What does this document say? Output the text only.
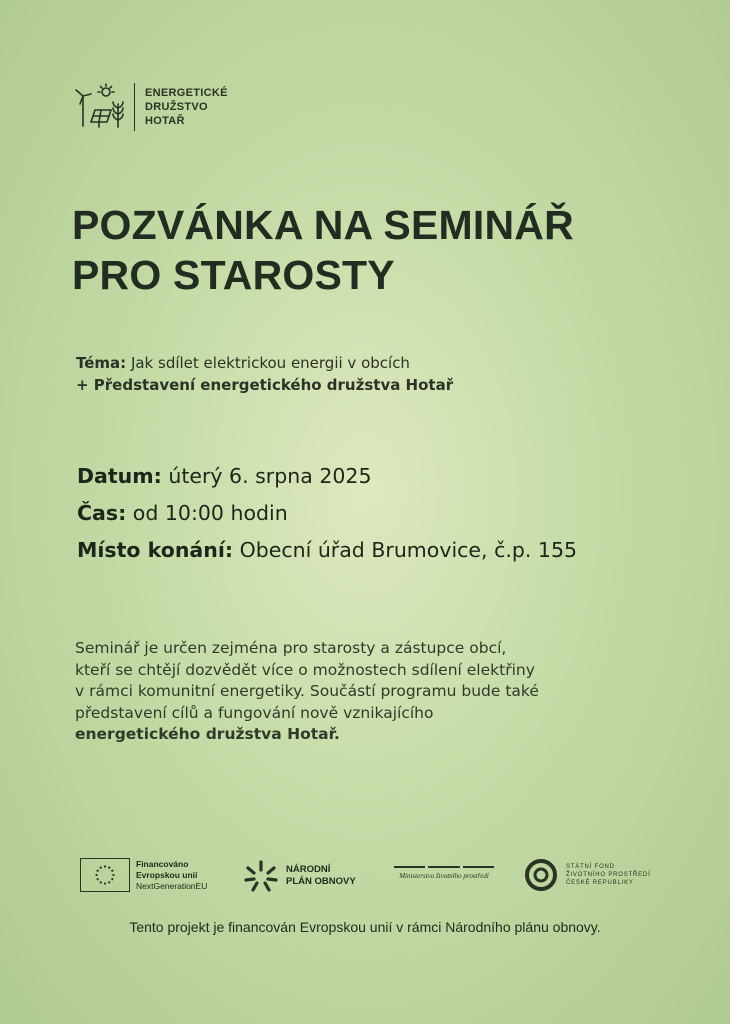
ENERGETICKÉ
DRUŽSTVO
HOTAŘ
POZVÁNKA NA SEMINÁŘ
PRO STAROSTY
Téma: Jak sdílet elektrickou energii v obcích
+ Představení energetického družstva Hotař
Datum: úterý 6. srpna 2025
Čas: od 10:00 hodin
Místo konání: Obecní úřad Brumovice, č.p. 155
Seminář je určen zejména pro starosty a zástupce obcí,
kteří se chtějí dozvědět více o možnostech sdílení elektřiny
v rámci komunitní energetiky. Součástí programu bude také
představení cílů a fungování nově vznikajícího
energetického družstva Hotař.
Financováno
Evropskou unií
NextGenerationEU
NÁRODNÍ
PLÁN OBNOVY	Ministerstvo životního prostředí
STÁTNÍ FOND
ŽIVOTNÍHO PROSTŘEDÍ
ČESKÉ REPUBLIKY
Tento projekt je financován Evropskou unií v rámci Národního plánu obnovy.
